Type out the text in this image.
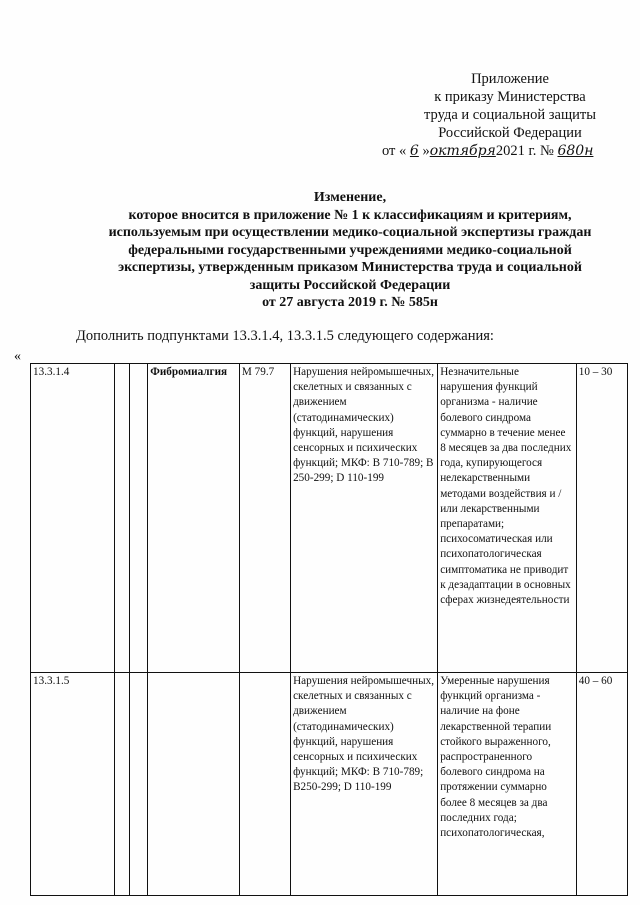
Приложение
к приказу Министерства
труда и социальной защиты
Российской Федерации
от « 6 »октября2021 г. № 680н
Изменение,
которое вносится в приложение № 1 к классификациям и критериям,
используемым при осуществлении медико-социальной экспертизы граждан
федеральными государственными учреждениями медико-социальной
экспертизы, утвержденным приказом Министерства труда и социальной
защиты Российской Федерации
от 27 августа 2019 г. № 585н
Дополнить подпунктами 13.3.1.4, 13.3.1.5 следующего содержания:
«
13.3.1.4			Фибромиалгия	М 79.7	Нарушения нейромышечных, скелетных и связанных с движением (статодинамических) функций, нарушения сенсорных и психических функций; МКФ: В 710-789; В 250-299; D 110-199	Незначительные нарушения функций организма - наличие болевого синдрома суммарно в течение менее 8 месяцев за два последних года, купирующегося нелекарственными методами воздействия и /или лекарственными препаратами; психосоматическая или психопатологическая симптоматика не приводит к дезадаптации в основных сферах жизнедеятельности	10 – 30
13.3.1.5					Нарушения нейромышечных, скелетных и связанных с движением (статодинамических) функций, нарушения сенсорных и психических функций; МКФ: В 710-789; В250-299; D 110-199	Умеренные нарушения функций организма - наличие на фоне лекарственной терапии стойкого выраженного, распространенного болевого синдрома на протяжении суммарно более 8 месяцев за два последних года; психопатологическая,	40 – 60
